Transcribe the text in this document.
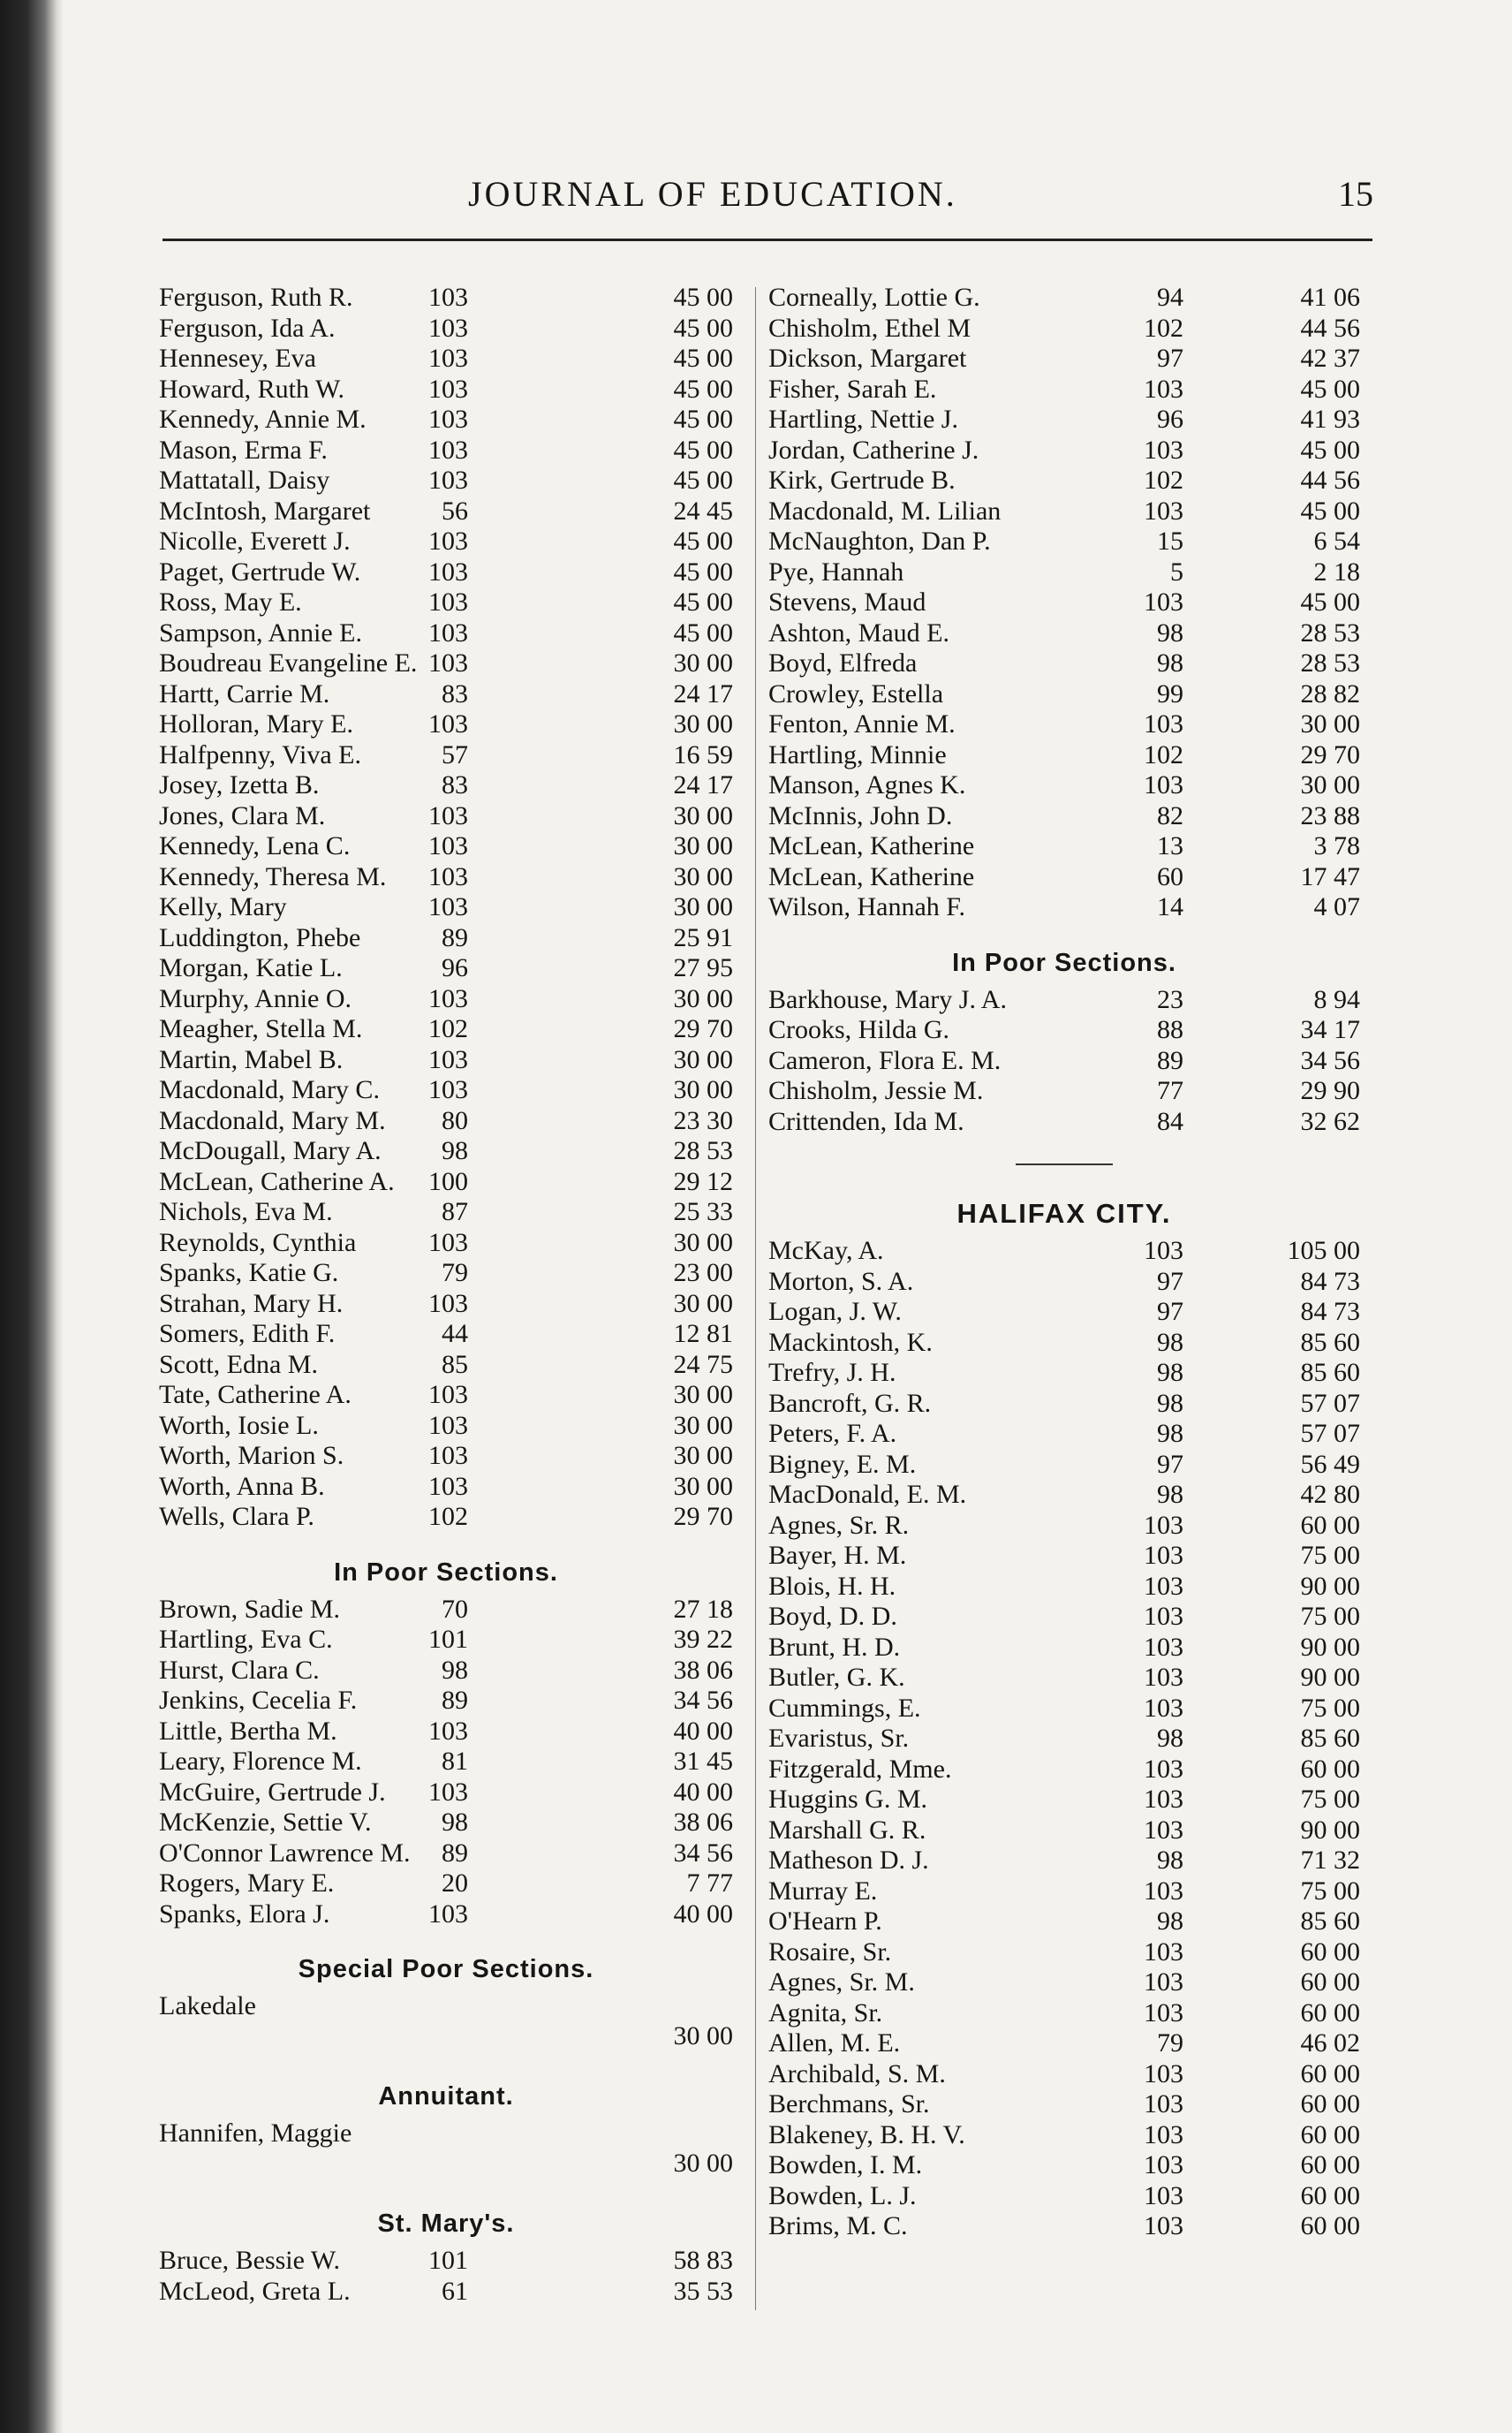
JOURNAL OF EDUCATION.	15
Ferguson, Ruth R.	103	45 00
Ferguson, Ida A.	103	45 00
Hennesey, Eva	103	45 00
Howard, Ruth W.	103	45 00
Kennedy, Annie M.	103	45 00
Mason, Erma F.	103	45 00
Mattatall, Daisy	103	45 00
McIntosh, Margaret	56	24 45
Nicolle, Everett J.	103	45 00
Paget, Gertrude W.	103	45 00
Ross, May E.	103	45 00
Sampson, Annie E.	103	45 00
Boudreau Evangeline E. 103	30 00
Hartt, Carrie M.	83	24 17
Holloran, Mary E.	103	30 00
Halfpenny, Viva E.	57	16 59
Josey, Izetta B.	83	24 17
Jones, Clara M.	103	30 00
Kennedy, Lena C.	103	30 00
Kennedy, Theresa M.	103	30 00
Kelly, Mary	103	30 00
Luddington, Phebe	89	25 91
Morgan, Katie L.	96	27 95
Murphy, Annie O.	103	30 00
Meagher, Stella M.	102	29 70
Martin, Mabel B.	103	30 00
Macdonald, Mary C.	103	30 00
Macdonald, Mary M.	80	23 30
McDougall, Mary A.	98	28 53
McLean, Catherine A.	100	29 12
Nichols, Eva M.	87	25 33
Reynolds, Cynthia	103	30 00
Spanks, Katie G.	79	23 00
Strahan, Mary H.	103	30 00
Somers, Edith F.	44	12 81
Scott, Edna M.	85	24 75
Tate, Catherine A.	103	30 00
Worth, Iosie L.	103	30 00
Worth, Marion S.	103	30 00
Worth, Anna B.	103	30 00
Wells, Clara P.	102	29 70
In Poor Sections.
Brown, Sadie M.	70	27 18
Hartling, Eva C.	101	39 22
Hurst, Clara C.	98	38 06
Jenkins, Cecelia F.	89	34 56
Little, Bertha M.	103	40 00
Leary, Florence M.	81	31 45
McGuire, Gertrude J.	103	40 00
McKenzie, Settie V.	98	38 06
O'Connor Lawrence M.	89	34 56
Rogers, Mary E.	20	7 77
Spanks, Elora J.	103	40 00
Special Poor Sections.
Lakedale
30 00
Annuitant.
Hannifen, Maggie
30 00
St. Mary's.
Bruce, Bessie W.	101	58 83
McLeod, Greta L.	61	35 53
Corneally, Lottie G.	94	41 06
Chisholm, Ethel M	102	44 56
Dickson, Margaret	97	42 37
Fisher, Sarah E.	103	45 00
Hartling, Nettie J.	96	41 93
Jordan, Catherine J.	103	45 00
Kirk, Gertrude B.	102	44 56
Macdonald, M. Lilian	103	45 00
McNaughton, Dan P.	15	6 54
Pye, Hannah	5	2 18
Stevens, Maud	103	45 00
Ashton, Maud E.	98	28 53
Boyd, Elfreda	98	28 53
Crowley, Estella	99	28 82
Fenton, Annie M.	103	30 00
Hartling, Minnie	102	29 70
Manson, Agnes K.	103	30 00
McInnis, John D.	82	23 88
McLean, Katherine	13	3 78
McLean, Katherine	60	17 47
Wilson, Hannah F.	14	4 07
In Poor Sections.
Barkhouse, Mary J. A.	23	8 94
Crooks, Hilda G.	88	34 17
Cameron, Flora E. M.	89	34 56
Chisholm, Jessie M.	77	29 90
Crittenden, Ida M.	84	32 62
HALIFAX CITY.
McKay, A.	103	105 00
Morton, S. A.	97	84 73
Logan, J. W.	97	84 73
Mackintosh, K.	98	85 60
Trefry, J. H.	98	85 60
Bancroft, G. R.	98	57 07
Peters, F. A.	98	57 07
Bigney, E. M.	97	56 49
MacDonald, E. M.	98	42 80
Agnes, Sr. R.	103	60 00
Bayer, H. M.	103	75 00
Blois, H. H.	103	90 00
Boyd, D. D.	103	75 00
Brunt, H. D.	103	90 00
Butler, G. K.	103	90 00
Cummings, E.	103	75 00
Evaristus, Sr.	98	85 60
Fitzgerald, Mme.	103	60 00
Huggins G. M.	103	75 00
Marshall G. R.	103	90 00
Matheson D. J.	98	71 32
Murray E.	103	75 00
O'Hearn P.	98	85 60
Rosaire, Sr.	103	60 00
Agnes, Sr. M.	103	60 00
Agnita, Sr.	103	60 00
Allen, M. E.	79	46 02
Archibald, S. M.	103	60 00
Berchmans, Sr.	103	60 00
Blakeney, B. H. V.	103	60 00
Bowden, I. M.	103	60 00
Bowden, L. J.	103	60 00
Brims, M. C.	103	60 00
